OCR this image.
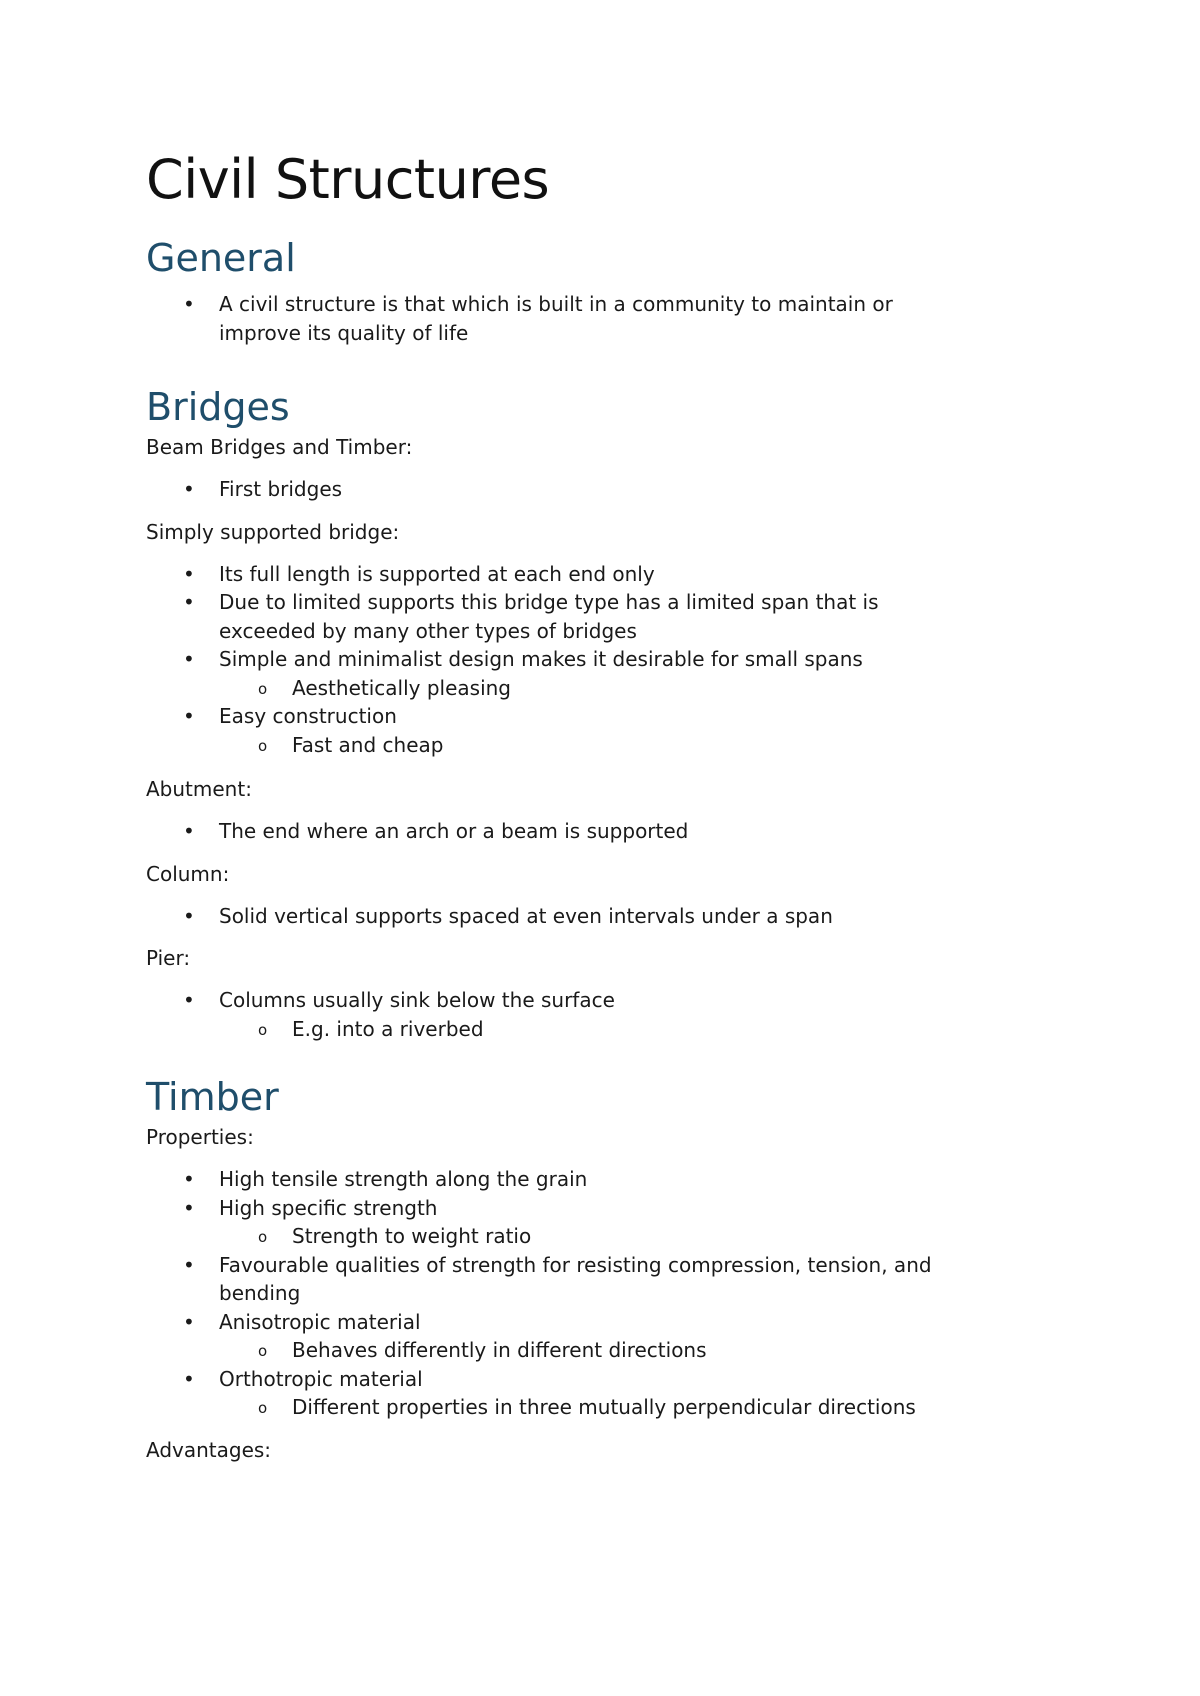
Civil Structures
General
• A civil structure is that which is built in a community to maintain or
improve its quality of life
Bridges

Beam Bridges and Timber:

• First bridges

Simply supported bridge:

• Its full length is supported at each end only
• Due to limited supports this bridge type has a limited span that is
exceeded by many other types of bridges
• Simple and minimalist design makes it desirable for small spans
o Aesthetically pleasing
• Easy construction
o Fast and cheap

Abutment:

• The end where an arch or a beam is supported

Column:

• Solid vertical supports spaced at even intervals under a span

Pier:

• Columns usually sink below the surface
o E.g. into a riverbed
Timber

Properties:

• High tensile strength along the grain
• High specific strength
o Strength to weight ratio
• Favourable qualities of strength for resisting compression, tension, and
bending
• Anisotropic material
o Behaves differently in different directions
• Orthotropic material
o Different properties in three mutually perpendicular directions

Advantages:
